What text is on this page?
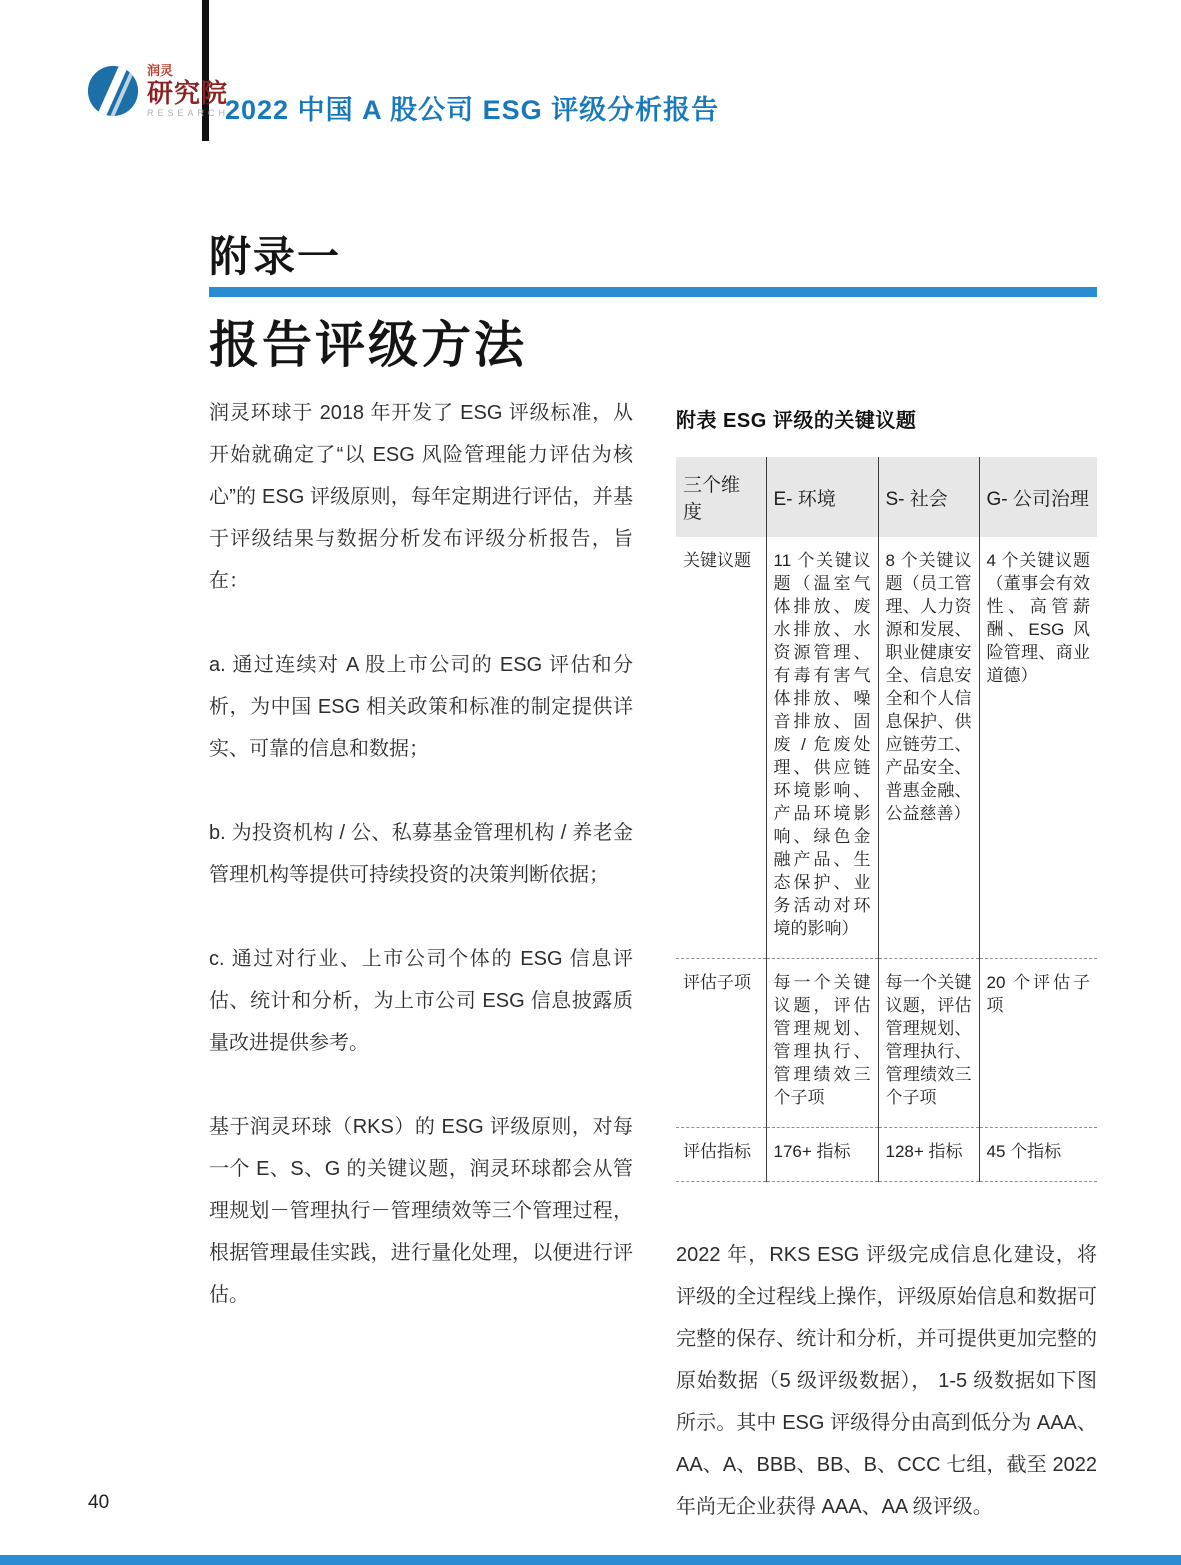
润灵
研究院
RESEARCH
2022 中国 A 股公司 ESG 评级分析报告
附录一
报告评级方法

润灵环球于 2018 年开发了 ESG 评级标准，从开始就确定了“以 ESG 风险管理能力评估为核心”的 ESG 评级原则，每年定期进行评估，并基于评级结果与数据分析发布评级分析报告，旨在：

a. 通过连续对 A 股上市公司的 ESG 评估和分析，为中国 ESG 相关政策和标准的制定提供详实、可靠的信息和数据；

b. 为投资机构 / 公、私募基金管理机构 / 养老金管理机构等提供可持续投资的决策判断依据；

c. 通过对行业、上市公司个体的 ESG 信息评估、统计和分析，为上市公司 ESG 信息披露质量改进提供参考。

基于润灵环球（RKS）的 ESG 评级原则，对每一个 E、S、G 的关键议题，润灵环球都会从管理规划－管理执行－管理绩效等三个管理过程，根据管理最佳实践，进行量化处理，以便进行评估。

附表 ESG 评级的关键议题
三个维度	E- 环境	S- 社会	G- 公司治理
关键议题	11 个关键议题（温室气体排放、废水排放、水资源管理、有毒有害气体排放、噪音排放、固废 / 危废处理、供应链环境影响、产品环境影响、绿色金融产品、生态保护、业务活动对环境的影响）	8 个关键议题（员工管理、人力资源和发展、职业健康安全、信息安全和个人信息保护、供应链劳工、产品安全、普惠金融、公益慈善）	4 个关键议题（董事会有效性、高管薪酬、ESG 风险管理、商业道德）
评估子项	每一个关键议题，评估管理规划、管理执行、管理绩效三个子项	每一个关键议题，评估管理规划、管理执行、管理绩效三个子项	20 个评估子项
评估指标	176+ 指标	128+ 指标	45 个指标

2022 年，RKS ESG 评级完成信息化建设，将评级的全过程线上操作，评级原始信息和数据可完整的保存、统计和分析，并可提供更加完整的原始数据（5 级评级数据）， 1-5 级数据如下图所示。其中 ESG 评级得分由高到低分为 AAA、AA、A、BBB、BB、B、CCC 七组，截至 2022 年尚无企业获得 AAA、AA 级评级。

40
